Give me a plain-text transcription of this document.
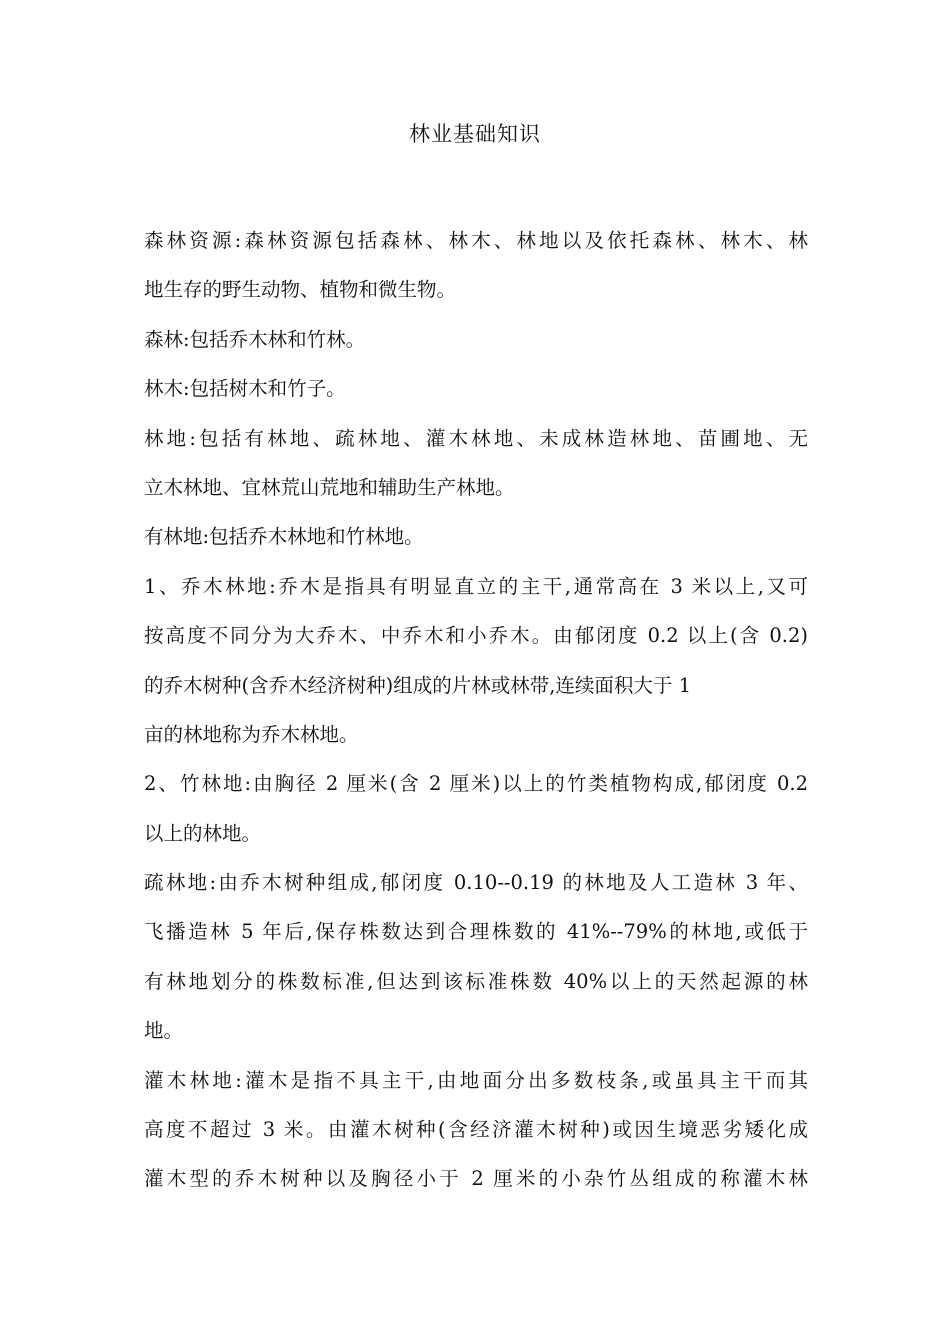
林业基础知识
森林资源:森林资源包括森林、林木、林地以及依托森林、林木、林
地生存的野生动物、植物和微生物。
森林:包括乔木林和竹林。
林木:包括树木和竹子。
林地:包括有林地、疏林地、灌木林地、未成林造林地、苗圃地、无
立木林地、宜林荒山荒地和辅助生产林地。
有林地:包括乔木林地和竹林地。
1、乔木林地:乔木是指具有明显直立的主干,通常高在 3 米以上,又可
按高度不同分为大乔木、中乔木和小乔木。由郁闭度 0.2 以上(含 0.2)
的乔木树种(含乔木经济树种)组成的片林或林带,连续面积大于 1
亩的林地称为乔木林地。
2、竹林地:由胸径 2 厘米(含 2 厘米)以上的竹类植物构成,郁闭度 0.2
以上的林地。
疏林地:由乔木树种组成,郁闭度 0.10--0.19 的林地及人工造林 3 年、
飞播造林 5 年后,保存株数达到合理株数的 41%--79%的林地,或低于
有林地划分的株数标准,但达到该标准株数 40%以上的天然起源的林
地。
灌木林地:灌木是指不具主干,由地面分出多数枝条,或虽具主干而其
高度不超过 3 米。由灌木树种(含经济灌木树种)或因生境恶劣矮化成
灌木型的乔木树种以及胸径小于 2 厘米的小杂竹丛组成的称灌木林
